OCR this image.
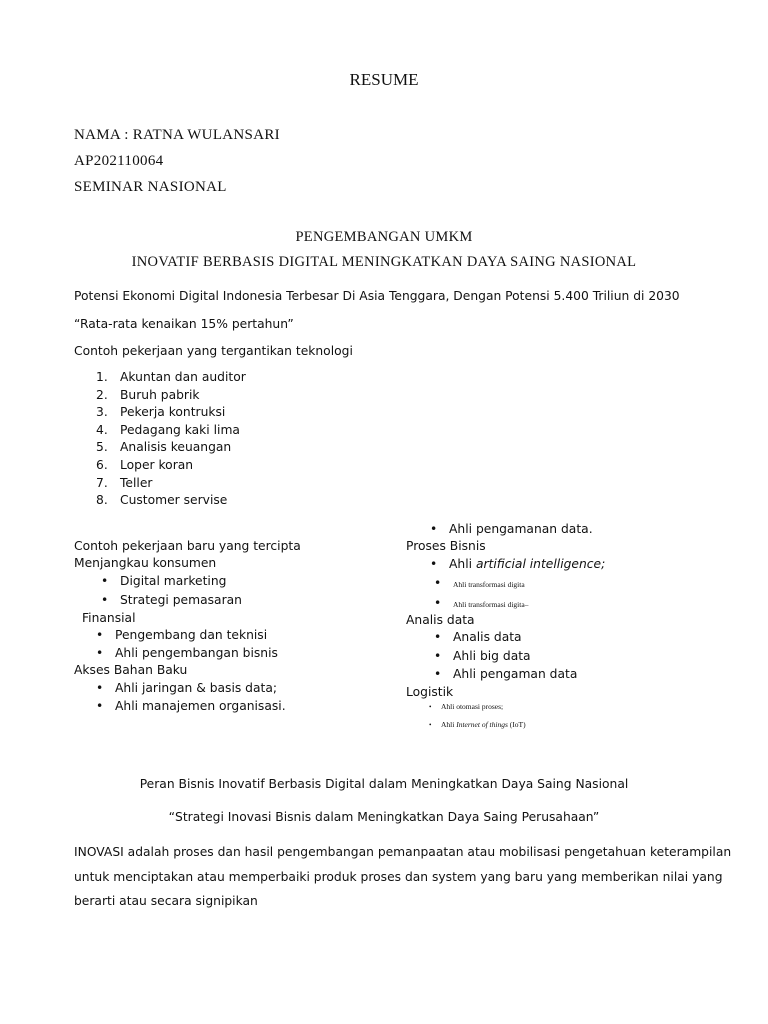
RESUME
NAMA : RATNA WULANSARI
AP202110064
SEMINAR NASIONAL
PENGEMBANGAN UMKM
INOVATIF BERBASIS DIGITAL MENINGKATKAN DAYA SAING NASIONAL
Potensi Ekonomi Digital Indonesia Terbesar Di Asia Tenggara, Dengan Potensi 5.400 Triliun di 2030
“Rata-rata kenaikan 15% pertahun”
Contoh pekerjaan yang tergantikan teknologi
1. Akuntan dan auditor
2. Buruh pabrik
3. Pekerja kontruksi
4. Pedagang kaki lima
5. Analisis keuangan
6. Loper koran
7. Teller
8. Customer servise
Contoh pekerjaan baru yang tercipta
Menjangkau konsumen
• Digital marketing
• Strategi pemasaran
Finansial
• Pengembang dan teknisi
• Ahli pengembangan bisnis
Akses Bahan Baku
• Ahli jaringan & basis data;
• Ahli manajemen organisasi.
• Ahli pengamanan data.
Proses Bisnis
• Ahli artificial intelligence;
• Ahli transformasi digita
• Ahli transformasi digita–
Analis data
• Analis data
• Ahli big data
• Ahli pengaman data
Logistik
• Ahli otomasi proses;
• Ahli Internet of things (IoT)
Peran Bisnis Inovatif Berbasis Digital dalam Meningkatkan Daya Saing Nasional
“Strategi Inovasi Bisnis dalam Meningkatkan Daya Saing Perusahaan”
INOVASI adalah proses dan hasil pengembangan pemanpaatan atau mobilisasi pengetahuan keterampilan
untuk menciptakan atau memperbaiki produk proses dan system yang baru yang memberikan nilai yang
berarti atau secara signipikan
